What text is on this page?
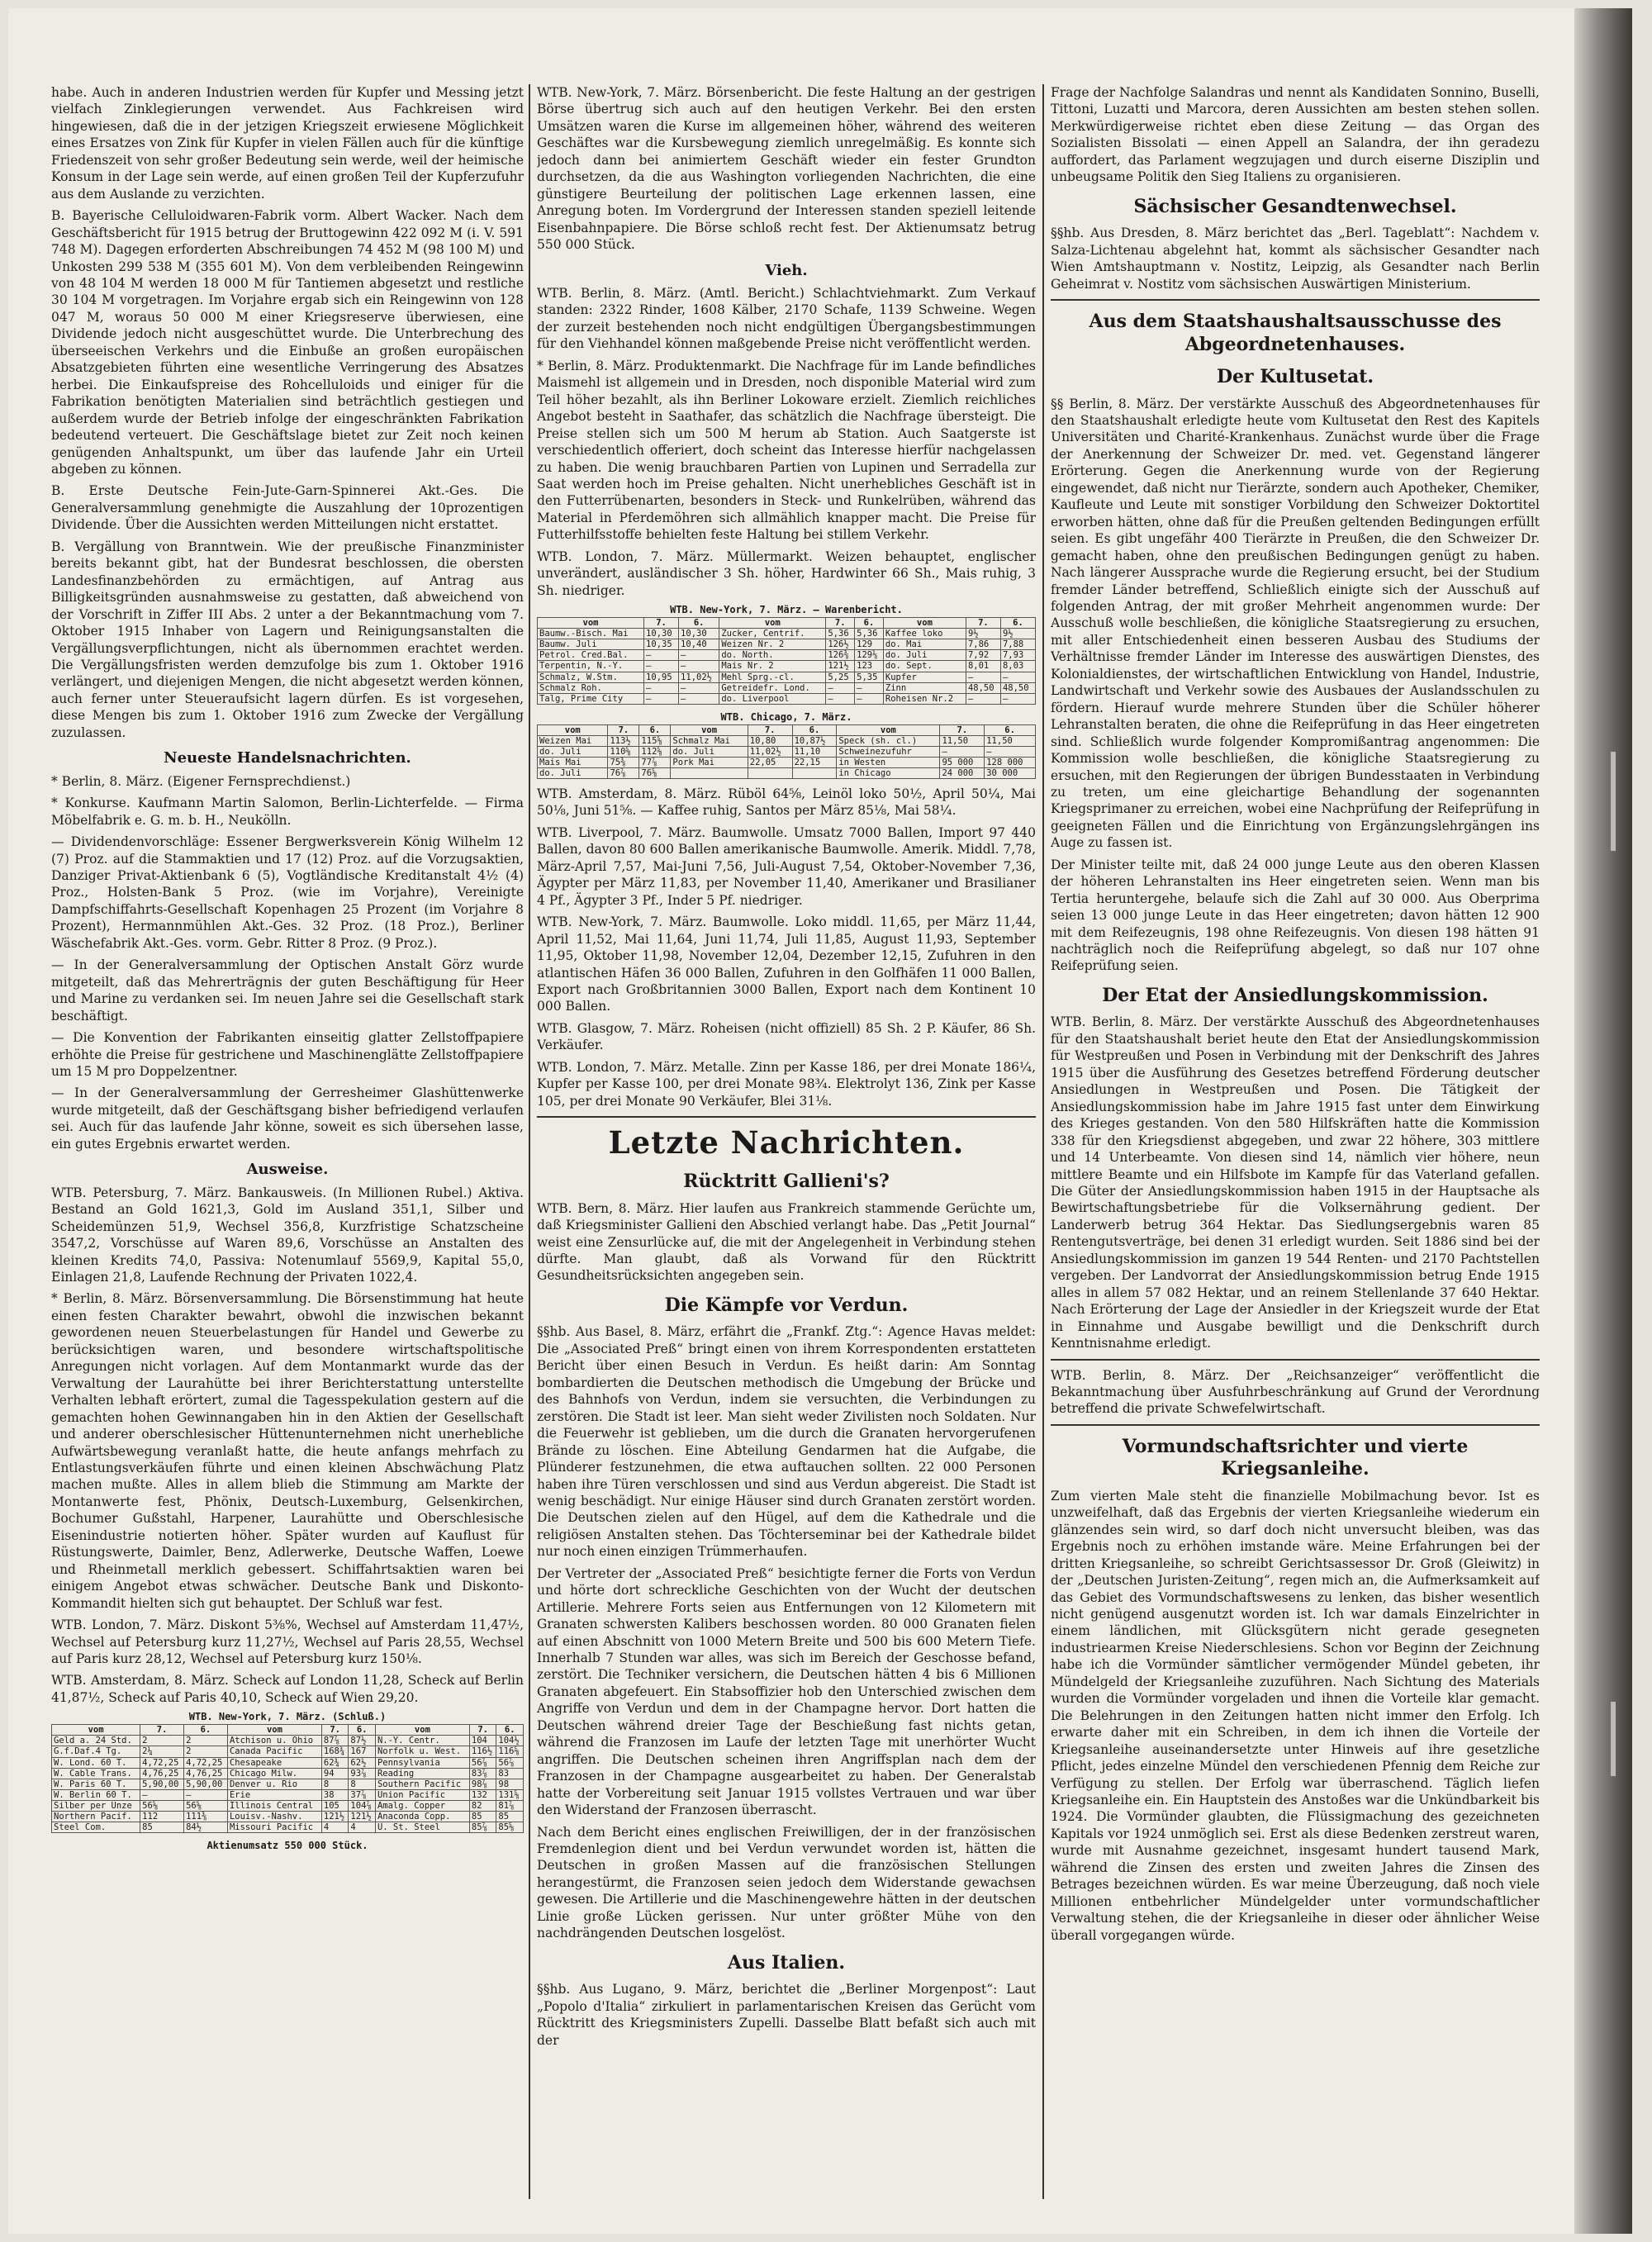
habe. Auch in anderen Industrien werden für Kupfer und Messing jetzt vielfach Zinklegierungen verwendet. Aus Fachkreisen wird hingewiesen, daß die in der jetzigen Kriegszeit erwiesene Möglichkeit eines Ersatzes von Zink für Kupfer in vielen Fällen auch für die künftige Friedenszeit von sehr großer Bedeutung sein werde, weil der heimische Konsum in der Lage sein werde, auf einen großen Teil der Kupferzufuhr aus dem Auslande zu verzichten.

B. Bayerische Celluloidwaren-Fabrik vorm. Albert Wacker. Nach dem Geschäftsbericht für 1915 betrug der Bruttogewinn 422 092 M (i. V. 591 748 M). Dagegen erforderten Abschreibungen 74 452 M (98 100 M) und Unkosten 299 538 M (355 601 M). Von dem verbleibenden Reingewinn von 48 104 M werden 18 000 M für Tantiemen abgesetzt und restliche 30 104 M vorgetragen. Im Vorjahre ergab sich ein Reingewinn von 128 047 M, woraus 50 000 M einer Kriegsreserve überwiesen, eine Dividende jedoch nicht ausgeschüttet wurde. Die Unterbrechung des überseeischen Verkehrs und die Einbuße an großen europäischen Absatzgebieten führten eine wesentliche Verringerung des Absatzes herbei. Die Einkaufspreise des Rohcelluloids und einiger für die Fabrikation benötigten Materialien sind beträchtlich gestiegen und außerdem wurde der Betrieb infolge der eingeschränkten Fabrikation bedeutend verteuert. Die Geschäftslage bietet zur Zeit noch keinen genügenden Anhaltspunkt, um über das laufende Jahr ein Urteil abgeben zu können.

B. Erste Deutsche Fein-Jute-Garn-Spinnerei Akt.-Ges. Die Generalversammlung genehmigte die Auszahlung der 10prozentigen Dividende. Über die Aussichten werden Mitteilungen nicht erstattet.

B. Vergällung von Branntwein. Wie der preußische Finanzminister bereits bekannt gibt, hat der Bundesrat beschlossen, die obersten Landesfinanzbehörden zu ermächtigen, auf Antrag aus Billigkeitsgründen ausnahmsweise zu gestatten, daß abweichend von der Vorschrift in Ziffer III Abs. 2 unter a der Bekanntmachung vom 7. Oktober 1915 Inhaber von Lagern und Reinigungsanstalten die Vergällungsverpflichtungen, nicht als übernommen erachtet werden. Die Vergällungsfristen werden demzufolge bis zum 1. Oktober 1916 verlängert, und diejenigen Mengen, die nicht abgesetzt werden können, auch ferner unter Steueraufsicht lagern dürfen. Es ist vorgesehen, diese Mengen bis zum 1. Oktober 1916 zum Zwecke der Vergällung zuzulassen.

Neueste Handelsnachrichten.

* Berlin, 8. März. (Eigener Fernsprechdienst.)

* Konkurse. Kaufmann Martin Salomon, Berlin-Lichterfelde. — Firma Möbelfabrik e. G. m. b. H., Neukölln.

— Dividendenvorschläge: Essener Bergwerksverein König Wilhelm 12 (7) Proz. auf die Stammaktien und 17 (12) Proz. auf die Vorzugsaktien, Danziger Privat-Aktienbank 6 (5), Vogtländische Kreditanstalt 4½ (4) Proz., Holsten-Bank 5 Proz. (wie im Vorjahre), Vereinigte Dampfschiffahrts-Gesellschaft Kopenhagen 25 Prozent (im Vorjahre 8 Prozent), Hermannmühlen Akt.-Ges. 32 Proz. (18 Proz.), Berliner Wäschefabrik Akt.-Ges. vorm. Gebr. Ritter 8 Proz. (9 Proz.).

— In der Generalversammlung der Optischen Anstalt Görz wurde mitgeteilt, daß das Mehrerträgnis der guten Beschäftigung für Heer und Marine zu verdanken sei. Im neuen Jahre sei die Gesellschaft stark beschäftigt.

— Die Konvention der Fabrikanten einseitig glatter Zellstoffpapiere erhöhte die Preise für gestrichene und Maschinenglätte Zellstoffpapiere um 15 M pro Doppelzentner.

— In der Generalversammlung der Gerresheimer Glashüttenwerke wurde mitgeteilt, daß der Geschäftsgang bisher befriedigend verlaufen sei. Auch für das laufende Jahr könne, soweit es sich übersehen lasse, ein gutes Ergebnis erwartet werden.

Ausweise.

WTB. Petersburg, 7. März. Bankausweis. (In Millionen Rubel.) Aktiva. Bestand an Gold 1621,3, Gold im Ausland 351,1, Silber und Scheidemünzen 51,9, Wechsel 356,8, Kurzfristige Schatzscheine 3547,2, Vorschüsse auf Waren 89,6, Vorschüsse an Anstalten des kleinen Kredits 74,0, Passiva: Notenumlauf 5569,9, Kapital 55,0, Einlagen 21,8, Laufende Rechnung der Privaten 1022,4.

* Berlin, 8. März. Börsenversammlung. Die Börsenstimmung hat heute einen festen Charakter bewahrt, obwohl die inzwischen bekannt gewordenen neuen Steuerbelastungen für Handel und Gewerbe zu berücksichtigen waren, und besondere wirtschaftspolitische Anregungen nicht vorlagen. Auf dem Montanmarkt wurde das der Verwaltung der Laurahütte bei ihrer Berichterstattung unterstellte Verhalten lebhaft erörtert, zumal die Tagesspekulation gestern auf die gemachten hohen Gewinnangaben hin in den Aktien der Gesellschaft und anderer oberschlesischer Hüttenunternehmen nicht unerhebliche Aufwärtsbewegung veranlaßt hatte, die heute anfangs mehrfach zu Entlastungsverkäufen führte und einen kleinen Abschwächung Platz machen mußte. Alles in allem blieb die Stimmung am Markte der Montanwerte fest, Phönix, Deutsch-Luxemburg, Gelsenkirchen, Bochumer Gußstahl, Harpener, Laurahütte und Oberschlesische Eisenindustrie notierten höher. Später wurden auf Kauflust für Rüstungswerte, Daimler, Benz, Adlerwerke, Deutsche Waffen, Loewe und Rheinmetall merklich gebessert. Schiffahrtsaktien waren bei einigem Angebot etwas schwächer. Deutsche Bank und Diskonto-Kommandit hielten sich gut behauptet. Der Schluß war fest.

WTB. London, 7. März. Diskont 5⅜%, Wechsel auf Amsterdam 11,47½, Wechsel auf Petersburg kurz 11,27½, Wechsel auf Paris 28,55, Wechsel auf Paris kurz 28,12, Wechsel auf Petersburg kurz 150⅛.

WTB. Amsterdam, 8. März. Scheck auf London 11,28, Scheck auf Berlin 41,87½, Scheck auf Paris 40,10, Scheck auf Wien 29,20.

WTB. New-York, 7. März. (Schluß.)
vom	7.	6.	vom	7.	6.	vom	7.	6.
Geld a. 24 Std.	2	2	Atchison u. Ohio	87⅞	87½	N.-Y. Centr.	104	104½
G.f.Daf.4 Tg.	2¼	2	Canada Pacific	168¾	167	Norfolk u. West.	116½	116⅝
W. Lond. 60 T.	4,72,25	4,72,25	Chesapeake	62¾	62½	Pennsylvania	56⅞	56⅞
W. Cable Trans.	4,76,25	4,76,25	Chicago Milw.	94	93⅞	Reading	83⅞	83
W. Paris 60 T.	5,90,00	5,90,00	Denver u. Rio	8	8	Southern Pacific	98⅞	98
W. Berlin 60 T.	—	—	Erie	38	37⅞	Union Pacific	132	131⅝
Silber per Unze	56⅝	56⅝	Illinois Central	105	104⅞	Amalg. Copper	82	81⅞
Northern Pacif.	112	111⅜	Louisv.-Nashv.	121½	121½	Anaconda Copp.	85	85
Steel Com.	85	84½	Missouri Pacific	4	4	U. St. Steel	85⅞	85⅝
Aktienumsatz 550 000 Stück.

WTB. New-York, 7. März. Börsenbericht. Die feste Haltung an der gestrigen Börse übertrug sich auch auf den heutigen Verkehr. Bei den ersten Umsätzen waren die Kurse im allgemeinen höher, während des weiteren Geschäftes war die Kursbewegung ziemlich unregelmäßig. Es konnte sich jedoch dann bei animiertem Geschäft wieder ein fester Grundton durchsetzen, da die aus Washington vorliegenden Nachrichten, die eine günstigere Beurteilung der politischen Lage erkennen lassen, eine Anregung boten. Im Vordergrund der Interessen standen speziell leitende Eisenbahnpapiere. Die Börse schloß recht fest. Der Aktienumsatz betrug 550 000 Stück.

Vieh.

WTB. Berlin, 8. März. (Amtl. Bericht.) Schlachtviehmarkt. Zum Verkauf standen: 2322 Rinder, 1608 Kälber, 2170 Schafe, 1139 Schweine. Wegen der zurzeit bestehenden noch nicht endgültigen Übergangsbestimmungen für den Viehhandel können maßgebende Preise nicht veröffentlicht werden.

* Berlin, 8. März. Produktenmarkt. Die Nachfrage für im Lande befindliches Maismehl ist allgemein und in Dresden, noch disponible Material wird zum Teil höher bezahlt, als ihn Berliner Lokoware erzielt. Ziemlich reichliches Angebot besteht in Saathafer, das schätzlich die Nachfrage übersteigt. Die Preise stellen sich um 500 M herum ab Station. Auch Saatgerste ist verschiedentlich offeriert, doch scheint das Interesse hierfür nachgelassen zu haben. Die wenig brauchbaren Partien von Lupinen und Serradella zur Saat werden hoch im Preise gehalten. Nicht unerhebliches Geschäft ist in den Futterrübenarten, besonders in Steck- und Runkelrüben, während das Material in Pferdemöhren sich allmählich knapper macht. Die Preise für Futterhilfsstoffe behielten feste Haltung bei stillem Verkehr.

WTB. London, 7. März. Müllermarkt. Weizen behauptet, englischer unverändert, ausländischer 3 Sh. höher, Hardwinter 66 Sh., Mais ruhig, 3 Sh. niedriger.

WTB. New-York, 7. März. — Warenbericht.
vom	7.	6.	vom	7.	6.	vom	7.	6.
Baumw.-Bisch. Mai	10,30	10,30	Zucker, Centrif.	5,36	5,36	Kaffee loko	9½	9½
Baumw. Juli	10,35	10,40	Weizen Nr. 2	126½	129	do. Mai	7,86	7,88
Petrol. Cred.Bal.	—	—	do. North.	126⅜	129⅛	do. Juli	7,92	7,93
Terpentin, N.-Y.	—	—	Mais Nr. 2	121½	123	do. Sept.	8,01	8,03
Schmalz, W.Stm.	10,95	11,02½	Mehl Sprg.-cl.	5,25	5,35	Kupfer	—	—
Schmalz Roh.	—	—	Getreidefr. Lond.	—	—	Zinn	48,50	48,50
Talg, Prime City	—	—	do. Liverpool	—	—	Roheisen Nr.2	—	—
WTB. Chicago, 7. März.
vom	7.	6.	vom	7.	6.	vom	7.	6.
Weizen Mai	113½	115⅝	Schmalz Mai	10,80	10,87½	Speck (sh. cl.)	11,50	11,50
do. Juli	110⅝	112⅝	do. Juli	11,02½	11,10	Schweinezufuhr	—	—
Mais Mai	75⅜	77⅞	Pork Mai	22,05	22,15	in Westen	95 000	128 000
do. Juli	76⅞	76⅝				in Chicago	24 000	30 000

WTB. Amsterdam, 8. März. Rüböl 64⅝, Leinöl loko 50½, April 50¼, Mai 50⅛, Juni 51⅝. — Kaffee ruhig, Santos per März 85⅛, Mai 58¼.

WTB. Liverpool, 7. März. Baumwolle. Umsatz 7000 Ballen, Import 97 440 Ballen, davon 80 600 Ballen amerikanische Baumwolle. Amerik. Middl. 7,78, März-April 7,57, Mai-Juni 7,56, Juli-August 7,54, Oktober-November 7,36, Ägypter per März 11,83, per November 11,40, Amerikaner und Brasilianer 4 Pf., Ägypter 3 Pf., Inder 5 Pf. niedriger.

WTB. New-York, 7. März. Baumwolle. Loko middl. 11,65, per März 11,44, April 11,52, Mai 11,64, Juni 11,74, Juli 11,85, August 11,93, September 11,95, Oktober 11,98, November 12,04, Dezember 12,15, Zufuhren in den atlantischen Häfen 36 000 Ballen, Zufuhren in den Golfhäfen 11 000 Ballen, Export nach Großbritannien 3000 Ballen, Export nach dem Kontinent 10 000 Ballen.

WTB. Glasgow, 7. März. Roheisen (nicht offiziell) 85 Sh. 2 P. Käufer, 86 Sh. Verkäufer.

WTB. London, 7. März. Metalle. Zinn per Kasse 186, per drei Monate 186¼, Kupfer per Kasse 100, per drei Monate 98¾. Elektrolyt 136, Zink per Kasse 105, per drei Monate 90 Verkäufer, Blei 31⅛.

Letzte Nachrichten.
Rücktritt Gallieni's?

WTB. Bern, 8. März. Hier laufen aus Frankreich stammende Gerüchte um, daß Kriegsminister Gallieni den Abschied verlangt habe. Das „Petit Journal“ weist eine Zensurlücke auf, die mit der Angelegenheit in Verbindung stehen dürfte. Man glaubt, daß als Vorwand für den Rücktritt Gesundheitsrücksichten angegeben sein.

Die Kämpfe vor Verdun.

§§hb. Aus Basel, 8. März, erfährt die „Frankf. Ztg.“: Agence Havas meldet: Die „Associated Preß“ bringt einen von ihrem Korrespondenten erstatteten Bericht über einen Besuch in Verdun. Es heißt darin: Am Sonntag bombardierten die Deutschen methodisch die Umgebung der Brücke und des Bahnhofs von Verdun, indem sie versuchten, die Verbindungen zu zerstören. Die Stadt ist leer. Man sieht weder Zivilisten noch Soldaten. Nur die Feuerwehr ist geblieben, um die durch die Granaten hervorgerufenen Brände zu löschen. Eine Abteilung Gendarmen hat die Aufgabe, die Plünderer festzunehmen, die etwa auftauchen sollten. 22 000 Personen haben ihre Türen verschlossen und sind aus Verdun abgereist. Die Stadt ist wenig beschädigt. Nur einige Häuser sind durch Granaten zerstört worden. Die Deutschen zielen auf den Hügel, auf dem die Kathedrale und die religiösen Anstalten stehen. Das Töchterseminar bei der Kathedrale bildet nur noch einen einzigen Trümmerhaufen.

Der Vertreter der „Associated Preß“ besichtigte ferner die Forts von Verdun und hörte dort schreckliche Geschichten von der Wucht der deutschen Artillerie. Mehrere Forts seien aus Entfernungen von 12 Kilometern mit Granaten schwersten Kalibers beschossen worden. 80 000 Granaten fielen auf einen Abschnitt von 1000 Metern Breite und 500 bis 600 Metern Tiefe. Innerhalb 7 Stunden war alles, was sich im Bereich der Geschosse befand, zerstört. Die Techniker versichern, die Deutschen hätten 4 bis 6 Millionen Granaten abgefeuert. Ein Stabsoffizier hob den Unterschied zwischen dem Angriffe von Verdun und dem in der Champagne hervor. Dort hatten die Deutschen während dreier Tage der Beschießung fast nichts getan, während die Franzosen im Laufe der letzten Tage mit unerhörter Wucht angriffen. Die Deutschen scheinen ihren Angriffsplan nach dem der Franzosen in der Champagne ausgearbeitet zu haben. Der Generalstab hatte der Vorbereitung seit Januar 1915 vollstes Vertrauen und war über den Widerstand der Franzosen überrascht.

Nach dem Bericht eines englischen Freiwilligen, der in der französischen Fremdenlegion dient und bei Verdun verwundet worden ist, hätten die Deutschen in großen Massen auf die französischen Stellungen herangestürmt, die Franzosen seien jedoch dem Widerstande gewachsen gewesen. Die Artillerie und die Maschinengewehre hätten in der deutschen Linie große Lücken gerissen. Nur unter größter Mühe von den nachdrängenden Deutschen losgelöst.

Aus Italien.

§§hb. Aus Lugano, 9. März, berichtet die „Berliner Morgenpost“: Laut „Popolo d'Italia“ zirkuliert in parlamentarischen Kreisen das Gerücht vom Rücktritt des Kriegsministers Zupelli. Dasselbe Blatt befaßt sich auch mit der

Frage der Nachfolge Salandras und nennt als Kandidaten Sonnino, Buselli, Tittoni, Luzatti und Marcora, deren Aussichten am besten stehen sollen. Merkwürdigerweise richtet eben diese Zeitung — das Organ des Sozialisten Bissolati — einen Appell an Salandra, der ihn geradezu auffordert, das Parlament wegzujagen und durch eiserne Disziplin und unbeugsame Politik den Sieg Italiens zu organisieren.

Sächsischer Gesandtenwechsel.

§§hb. Aus Dresden, 8. März berichtet das „Berl. Tageblatt“: Nachdem v. Salza-Lichtenau abgelehnt hat, kommt als sächsischer Gesandter nach Wien Amtshauptmann v. Nostitz, Leipzig, als Gesandter nach Berlin Geheimrat v. Nostitz vom sächsischen Auswärtigen Ministerium.

Aus dem Staatshaushaltsausschusse des Abgeordnetenhauses.
Der Kultusetat.

§§ Berlin, 8. März. Der verstärkte Ausschuß des Abgeordnetenhauses für den Staatshaushalt erledigte heute vom Kultusetat den Rest des Kapitels Universitäten und Charité-Krankenhaus. Zunächst wurde über die Frage der Anerkennung der Schweizer Dr. med. vet. Gegenstand längerer Erörterung. Gegen die Anerkennung wurde von der Regierung eingewendet, daß nicht nur Tierärzte, sondern auch Apotheker, Chemiker, Kaufleute und Leute mit sonstiger Vorbildung den Schweizer Doktortitel erworben hätten, ohne daß für die Preußen geltenden Bedingungen erfüllt seien. Es gibt ungefähr 400 Tierärzte in Preußen, die den Schweizer Dr. gemacht haben, ohne den preußischen Bedingungen genügt zu haben. Nach längerer Aussprache wurde die Regierung ersucht, bei der Studium fremder Länder betreffend, Schließlich einigte sich der Ausschuß auf folgenden Antrag, der mit großer Mehrheit angenommen wurde: Der Ausschuß wolle beschließen, die königliche Staatsregierung zu ersuchen, mit aller Entschiedenheit einen besseren Ausbau des Studiums der Verhältnisse fremder Länder im Interesse des auswärtigen Dienstes, des Kolonialdienstes, der wirtschaftlichen Entwicklung von Handel, Industrie, Landwirtschaft und Verkehr sowie des Ausbaues der Auslandsschulen zu fördern. Hierauf wurde mehrere Stunden über die Schüler höherer Lehranstalten beraten, die ohne die Reifeprüfung in das Heer eingetreten sind. Schließlich wurde folgender Kompromißantrag angenommen: Die Kommission wolle beschließen, die königliche Staatsregierung zu ersuchen, mit den Regierungen der übrigen Bundesstaaten in Verbindung zu treten, um eine gleichartige Behandlung der sogenannten Kriegsprimaner zu erreichen, wobei eine Nachprüfung der Reifeprüfung in geeigneten Fällen und die Einrichtung von Ergänzungslehrgängen ins Auge zu fassen ist.

Der Minister teilte mit, daß 24 000 junge Leute aus den oberen Klassen der höheren Lehranstalten ins Heer eingetreten seien. Wenn man bis Tertia heruntergehe, belaufe sich die Zahl auf 30 000. Aus Oberprima seien 13 000 junge Leute in das Heer eingetreten; davon hätten 12 900 mit dem Reifezeugnis, 198 ohne Reifezeugnis. Von diesen 198 hätten 91 nachträglich noch die Reifeprüfung abgelegt, so daß nur 107 ohne Reifeprüfung seien.

Der Etat der Ansiedlungskommission.

WTB. Berlin, 8. März. Der verstärkte Ausschuß des Abgeordnetenhauses für den Staatshaushalt beriet heute den Etat der Ansiedlungskommission für Westpreußen und Posen in Verbindung mit der Denkschrift des Jahres 1915 über die Ausführung des Gesetzes betreffend Förderung deutscher Ansiedlungen in Westpreußen und Posen. Die Tätigkeit der Ansiedlungskommission habe im Jahre 1915 fast unter dem Einwirkung des Krieges gestanden. Von den 580 Hilfskräften hatte die Kommission 338 für den Kriegsdienst abgegeben, und zwar 22 höhere, 303 mittlere und 14 Unterbeamte. Von diesen sind 14, nämlich vier höhere, neun mittlere Beamte und ein Hilfsbote im Kampfe für das Vaterland gefallen. Die Güter der Ansiedlungskommission haben 1915 in der Hauptsache als Bewirtschaftungsbetriebe für die Volksernährung gedient. Der Landerwerb betrug 364 Hektar. Das Siedlungsergebnis waren 85 Rentengutsverträge, bei denen 31 erledigt wurden. Seit 1886 sind bei der Ansiedlungskommission im ganzen 19 544 Renten- und 2170 Pachtstellen vergeben. Der Landvorrat der Ansiedlungskommission betrug Ende 1915 alles in allem 57 082 Hektar, und an reinem Stellenlande 37 640 Hektar. Nach Erörterung der Lage der Ansiedler in der Kriegszeit wurde der Etat in Einnahme und Ausgabe bewilligt und die Denkschrift durch Kenntnisnahme erledigt.

WTB. Berlin, 8. März. Der „Reichsanzeiger“ veröffentlicht die Bekanntmachung über Ausfuhrbeschränkung auf Grund der Verordnung betreffend die private Schwefelwirtschaft.

Vormundschaftsrichter und vierte Kriegsanleihe.

Zum vierten Male steht die finanzielle Mobilmachung bevor. Ist es unzweifelhaft, daß das Ergebnis der vierten Kriegsanleihe wiederum ein glänzendes sein wird, so darf doch nicht unversucht bleiben, was das Ergebnis noch zu erhöhen imstande wäre. Meine Erfahrungen bei der dritten Kriegsanleihe, so schreibt Gerichtsassessor Dr. Groß (Gleiwitz) in der „Deutschen Juristen-Zeitung“, regen mich an, die Aufmerksamkeit auf das Gebiet des Vormundschaftswesens zu lenken, das bisher wesentlich nicht genügend ausgenutzt worden ist. Ich war damals Einzelrichter in einem ländlichen, mit Glücksgütern nicht gerade gesegneten industriearmen Kreise Niederschlesiens. Schon vor Beginn der Zeichnung habe ich die Vormünder sämtlicher vermögender Mündel gebeten, ihr Mündelgeld der Kriegsanleihe zuzuführen. Nach Sichtung des Materials wurden die Vormünder vorgeladen und ihnen die Vorteile klar gemacht. Die Belehrungen in den Zeitungen hatten nicht immer den Erfolg. Ich erwarte daher mit ein Schreiben, in dem ich ihnen die Vorteile der Kriegsanleihe auseinandersetzte unter Hinweis auf ihre gesetzliche Pflicht, jedes einzelne Mündel den verschiedenen Pfennig dem Reiche zur Verfügung zu stellen. Der Erfolg war überraschend. Täglich liefen Kriegsanleihe ein. Ein Hauptstein des Anstoßes war die Unkündbarkeit bis 1924. Die Vormünder glaubten, die Flüssigmachung des gezeichneten Kapitals vor 1924 unmöglich sei. Erst als diese Bedenken zerstreut waren, wurde mit Ausnahme gezeichnet, insgesamt hundert tausend Mark, während die Zinsen des ersten und zweiten Jahres die Zinsen des Betrages bezeichnen würden. Es war meine Überzeugung, daß noch viele Millionen entbehrlicher Mündelgelder unter vormundschaftlicher Verwaltung stehen, die der Kriegsanleihe in dieser oder ähnlicher Weise überall vorgegangen würde.
